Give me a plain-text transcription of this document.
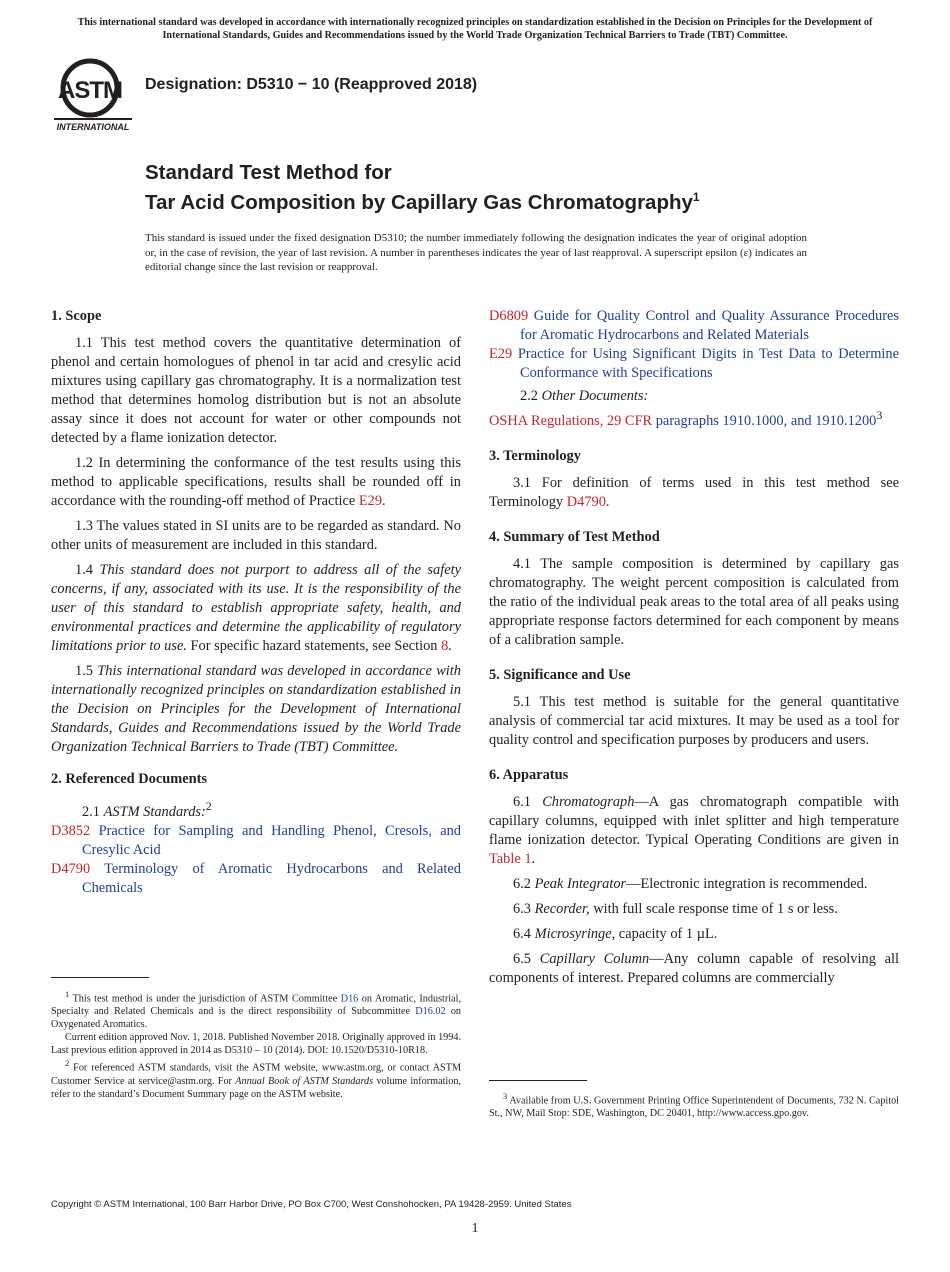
This international standard was developed in accordance with internationally recognized principles on standardization established in the Decision on Principles for the Development of International Standards, Guides and Recommendations issued by the World Trade Organization Technical Barriers to Trade (TBT) Committee.
ASTM
INTERNATIONAL
Designation: D5310 − 10 (Reapproved 2018)
Standard Test Method for
Tar Acid Composition by Capillary Gas Chromatography$^1$
This standard is issued under the fixed designation D5310; the number immediately following the designation indicates the year of original adoption or, in the case of revision, the year of last revision. A number in parentheses indicates the year of last reapproval. A superscript epsilon (ε) indicates an editorial change since the last revision or reapproval.
1. Scope

1.1 This test method covers the quantitative determination of phenol and certain homologues of phenol in tar acid and cresylic acid mixtures using capillary gas chromatography. It is a normalization test method that determines homolog distribution but is not an absolute assay since it does not account for water or other compounds not detected by a flame ionization detector.

1.2 In determining the conformance of the test results using this method to applicable specifications, results shall be rounded off in accordance with the rounding-off method of Practice E29.

1.3 The values stated in SI units are to be regarded as standard. No other units of measurement are included in this standard.

1.4 This standard does not purport to address all of the safety concerns, if any, associated with its use. It is the responsibility of the user of this standard to establish appropriate safety, health, and environmental practices and determine the applicability of regulatory limitations prior to use. For specific hazard statements, see Section 8.

1.5 This international standard was developed in accordance with internationally recognized principles on standardization established in the Decision on Principles for the Development of International Standards, Guides and Recommendations issued by the World Trade Organization Technical Barriers to Trade (TBT) Committee.

2. Referenced Documents

2.1 ASTM Standards:$^2$

D3852 Practice for Sampling and Handling Phenol, Cresols, and Cresylic Acid
D4790 Terminology of Aromatic Hydrocarbons and Related Chemicals

$^1$ This test method is under the jurisdiction of ASTM Committee D16 on Aromatic, Industrial, Specialty and Related Chemicals and is the direct responsibility of Subcommittee D16.02 on Oxygenated Aromatics.

Current edition approved Nov. 1, 2018. Published November 2018. Originally approved in 1994. Last previous edition approved in 2014 as D5310 – 10 (2014). DOI: 10.1520/D5310-10R18.

$^2$ For referenced ASTM standards, visit the ASTM website, www.astm.org, or contact ASTM Customer Service at service@astm.org. For Annual Book of ASTM Standards volume information, refer to the standard’s Document Summary page on the ASTM website.

D6809 Guide for Quality Control and Quality Assurance Procedures for Aromatic Hydrocarbons and Related Materials
E29 Practice for Using Significant Digits in Test Data to Determine Conformance with Specifications

2.2 Other Documents:

OSHA Regulations, 29 CFR paragraphs 1910.1000, and 1910.1200$^3$
3. Terminology

3.1 For definition of terms used in this test method see Terminology D4790.

4. Summary of Test Method

4.1 The sample composition is determined by capillary gas chromatography. The weight percent composition is calculated from the ratio of the individual peak areas to the total area of all peaks using appropriate response factors determined for each component by means of a calibration sample.

5. Significance and Use

5.1 This test method is suitable for the general quantitative analysis of commercial tar acid mixtures. It may be used as a tool for quality control and specification purposes by producers and users.

6. Apparatus

6.1 Chromatograph—A gas chromatograph compatible with capillary columns, equipped with inlet splitter and high temperature flame ionization detector. Typical Operating Conditions are given in Table 1.

6.2 Peak Integrator—Electronic integration is recommended.

6.3 Recorder, with full scale response time of 1 s or less.

6.4 Microsyringe, capacity of 1 µL.

6.5 Capillary Column—Any column capable of resolving all components of interest. Prepared columns are commercially

$^3$ Available from U.S. Government Printing Office Superintendent of Documents, 732 N. Capitol St., NW, Mail Stop: SDE, Washington, DC 20401, http://www.access.gpo.gov.

Copyright © ASTM International, 100 Barr Harbor Drive, PO Box C700, West Conshohocken, PA 19428-2959. United States
1
